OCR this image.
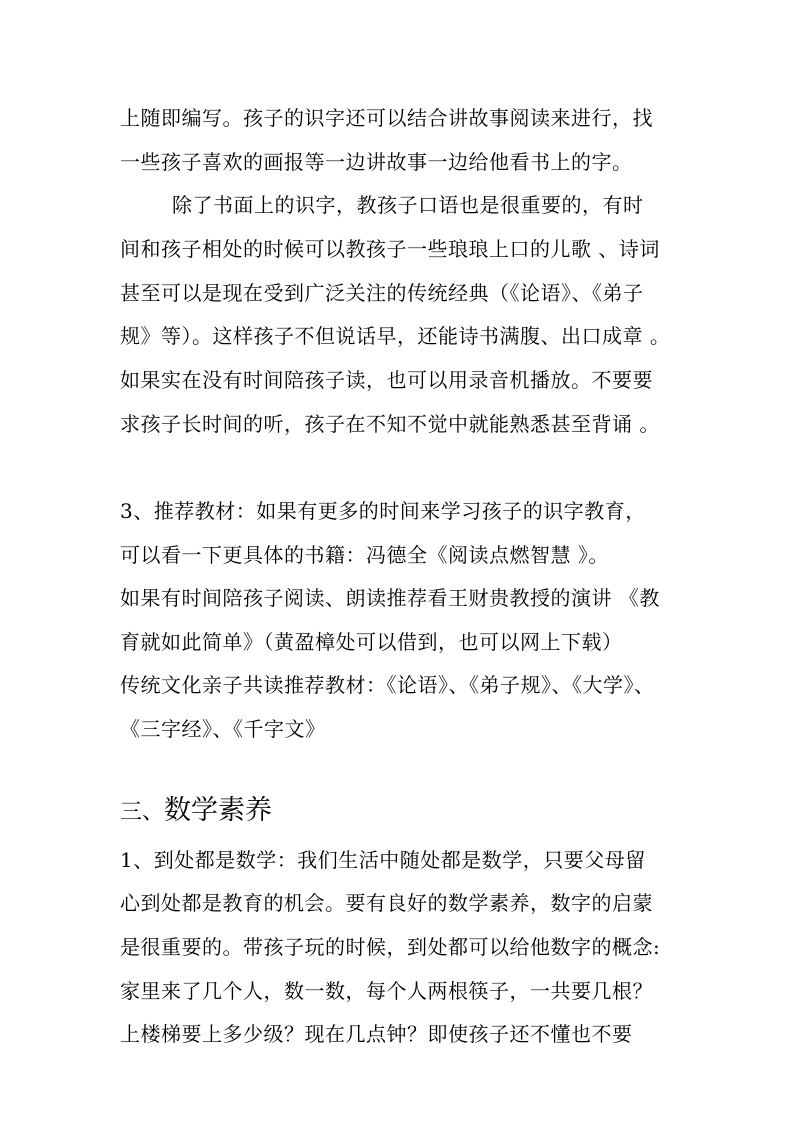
上随即编写。孩子的识字还可以结合讲故事阅读来进行，找
一些孩子喜欢的画报等一边讲故事一边给他看书上的字。
除了书面上的识字，教孩子口语也是很重要的，有时
间和孩子相处的时候可以教孩子一些琅琅上口的儿歌 、诗词
甚至可以是现在受到广泛关注的传统经典（《论语》、《弟子
规》等）。这样孩子不但说话早，还能诗书满腹、出口成章 。
如果实在没有时间陪孩子读，也可以用录音机播放。不要要
求孩子长时间的听，孩子在不知不觉中就能熟悉甚至背诵 。
3、推荐教材：如果有更多的时间来学习孩子的识字教育，
可以看一下更具体的书籍：冯德全《阅读点燃智慧 》。
如果有时间陪孩子阅读、朗读推荐看王财贵教授的演讲 《教
育就如此简单》（黄盈樟处可以借到，也可以网上下载）
传统文化亲子共读推荐教材：《论语》、《弟子规》、《大学》、
《三字经》、《千字文》
三、数学素养
1、到处都是数学：我们生活中随处都是数学，只要父母留
心到处都是教育的机会。要有良好的数学素养，数字的启蒙
是很重要的。带孩子玩的时候，到处都可以给他数字的概念:
家里来了几个人，数一数，每个人两根筷子，一共要几根？
上楼梯要上多少级？现在几点钟？即使孩子还不懂也不要
